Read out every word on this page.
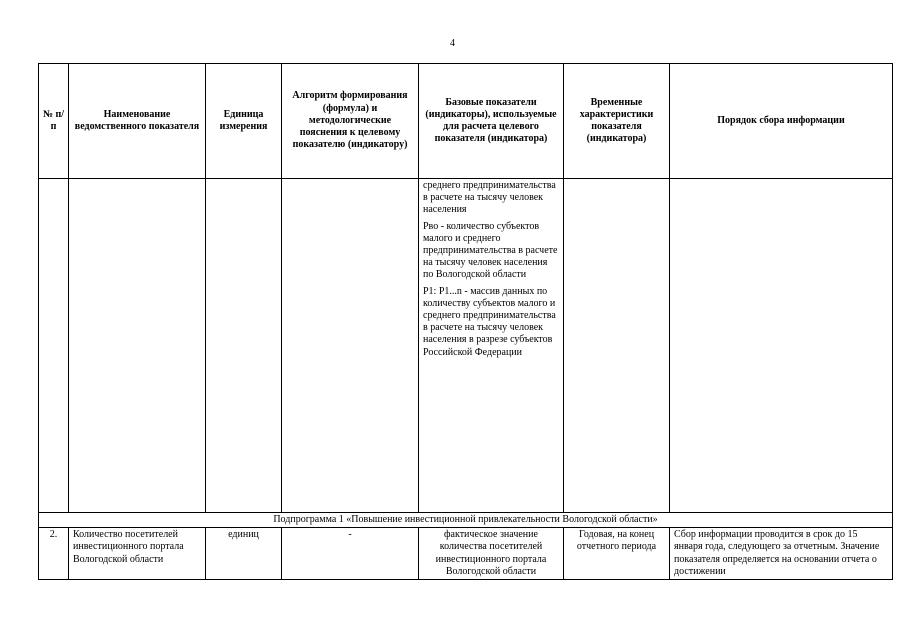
4
№ п/п	Наименование ведомственного показателя	Единица измерения	Алгоритм формирования (формула) и методологические пояснения к целевому показателю (индикатору)	Базовые показатели (индикаторы), используемые для расчета целевого показателя (индикатора)	Временные характеристики показателя (индикатора)	Порядок сбора информации

				среднего предпринимательства в расчете на тысячу человек населения

Рво - количество субъектов малого и среднего предпринимательства в расчете на тысячу человек населения по Вологодской области

Р1: Р1...n - массив данных по количеству субъектов малого и среднего предпринимательства в расчете на тысячу человек населения в разрезе субъектов Российской Федерации		

Подпрограмма 1 «Повышение инвестиционной привлекательности Вологодской области»						
2.	Количество посетителей инвестиционного портала Вологодской области	единиц	-	фактическое значение количества посетителей инвестиционного портала Вологодской области	Годовая, на конец отчетного периода	Сбор информации проводится в срок до 15 января года, следующего за отчетным. Значение показателя определяется на основании отчета о достижении
